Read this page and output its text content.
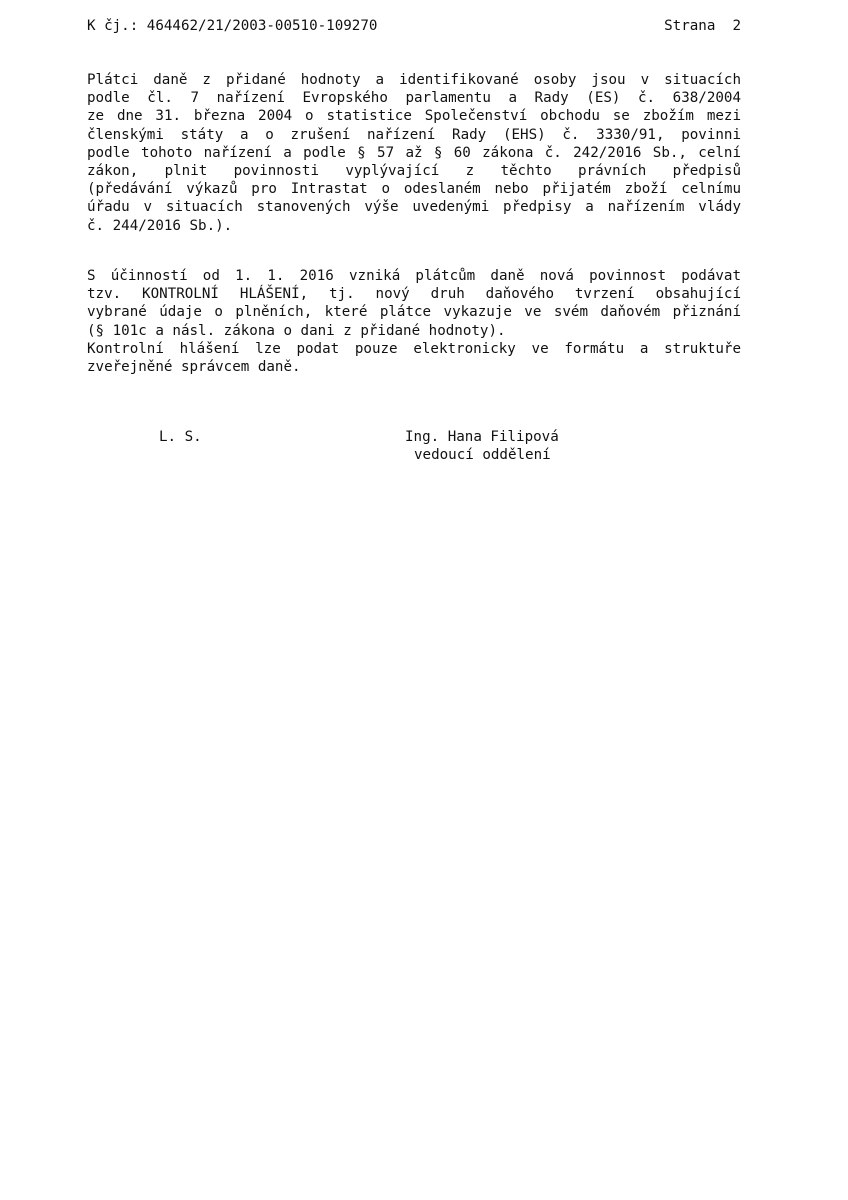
K čj.: 464462/21/2003-00510-109270	Strana  2
Plátci daně z přidané hodnoty a identifikované osoby jsou v situacích
podle čl. 7 nařízení Evropského parlamentu a Rady (ES) č. 638/2004
ze dne 31. března 2004 o statistice Společenství obchodu se zbožím mezi
členskými státy a o zrušení nařízení Rady (EHS) č. 3330/91, povinni
podle tohoto nařízení a podle § 57 až § 60 zákona č. 242/2016 Sb., celní
zákon, plnit povinnosti vyplývající z těchto právních předpisů
(předávání výkazů pro Intrastat o odeslaném nebo přijatém zboží celnímu
úřadu v situacích stanovených výše uvedenými předpisy a nařízením vlády
č. 244/2016 Sb.).
S účinností od 1. 1. 2016 vzniká plátcům daně nová povinnost podávat
tzv. KONTROLNÍ HLÁŠENÍ, tj. nový druh daňového tvrzení obsahující
vybrané údaje o plněních, které plátce vykazuje ve svém daňovém přiznání
(§ 101c a násl. zákona o dani z přidané hodnoty).
Kontrolní hlášení lze podat pouze elektronicky ve formátu a struktuře
zveřejněné správcem daně.
L. S.	Ing. Hana Filipová
vedoucí oddělení
